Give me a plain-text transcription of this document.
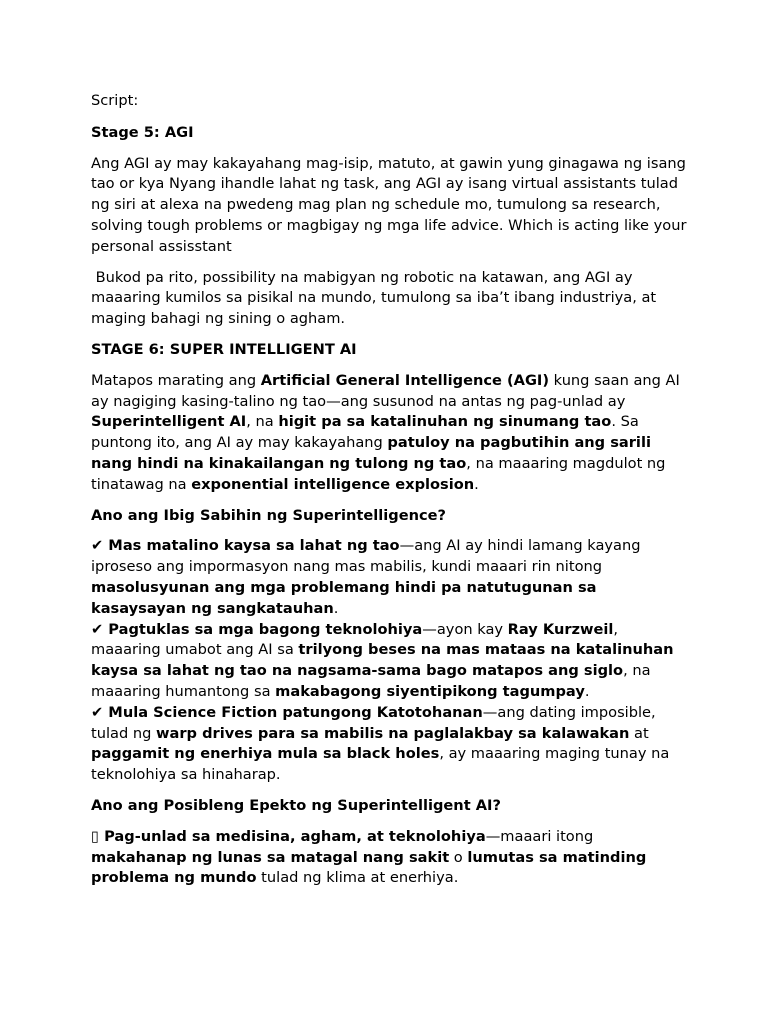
Script:

Stage 5: AGI

Ang AGI ay may kakayahang mag-isip, matuto, at gawin yung ginagawa ng isang tao or kya Nyang ihandle lahat ng task, ang AGI ay isang virtual assistants tulad ng siri at alexa na pwedeng mag plan ng schedule mo, tumulong sa research, solving tough problems or magbigay ng mga life advice. Which is acting like your personal assisstant

Bukod pa rito, possibility na mabigyan ng robotic na katawan, ang AGI ay maaaring kumilos sa pisikal na mundo, tumulong sa iba’t ibang industriya, at maging bahagi ng sining o agham.

STAGE 6: SUPER INTELLIGENT AI

Matapos marating ang Artificial General Intelligence (AGI) kung saan ang AI ay nagiging kasing-talino ng tao—ang susunod na antas ng pag-unlad ay Superintelligent AI, na higit pa sa katalinuhan ng sinumang tao. Sa puntong ito, ang AI ay may kakayahang patuloy na pagbutihin ang sarili nang hindi na kinakailangan ng tulong ng tao, na maaaring magdulot ng tinatawag na exponential intelligence explosion.

Ano ang Ibig Sabihin ng Superintelligence?

✔ Mas matalino kaysa sa lahat ng tao—ang AI ay hindi lamang kayang iproseso ang impormasyon nang mas mabilis, kundi maaari rin nitong masolusyunan ang mga problemang hindi pa natutugunan sa kasaysayan ng sangkatauhan.

✔ Pagtuklas sa mga bagong teknolohiya—ayon kay Ray Kurzweil, maaaring umabot ang AI sa trilyong beses na mas mataas na katalinuhan kaysa sa lahat ng tao na nagsama-sama bago matapos ang siglo, na maaaring humantong sa makabagong siyentipikong tagumpay.

✔ Mula Science Fiction patungong Katotohanan—ang dating imposible, tulad ng warp drives para sa mabilis na paglalakbay sa kalawakan at paggamit ng enerhiya mula sa black holes, ay maaaring maging tunay na teknolohiya sa hinaharap.

Ano ang Posibleng Epekto ng Superintelligent AI?

▯ Pag-unlad sa medisina, agham, at teknolohiya—maaari itong makahanap ng lunas sa matagal nang sakit o lumutas sa matinding problema ng mundo tulad ng klima at enerhiya.
